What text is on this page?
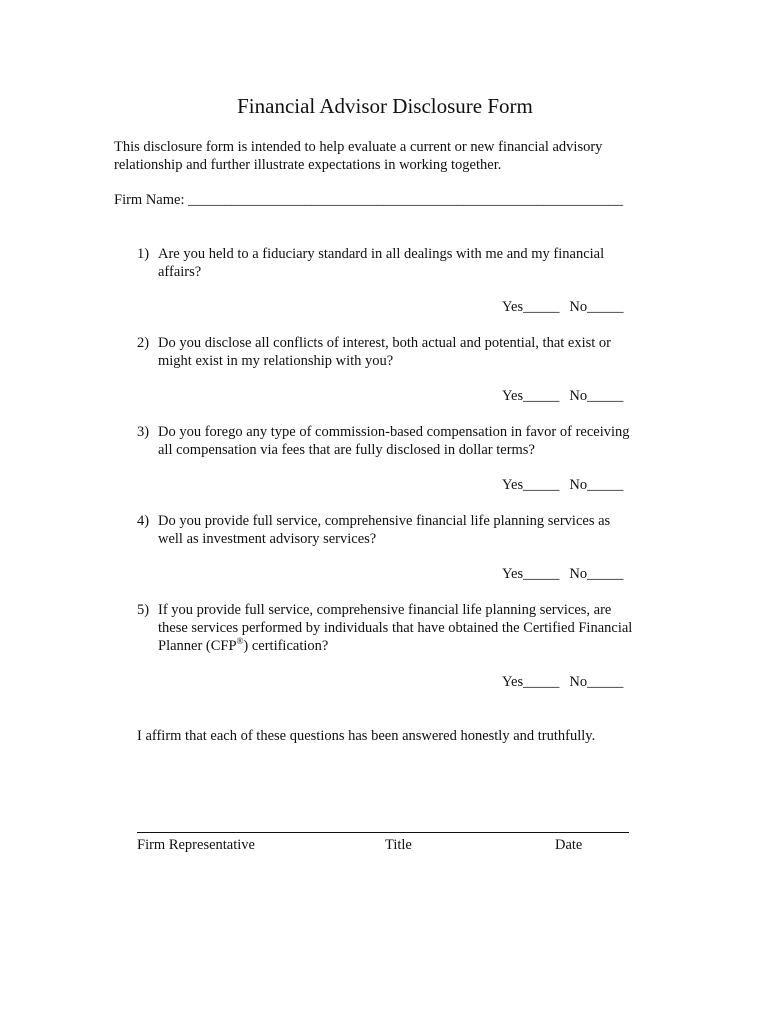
Financial Advisor Disclosure Form

This disclosure form is intended to help evaluate a current or new financial advisory relationship and further illustrate expectations in working together.

Firm Name: ____________________________________________________________
1) Are you held to a fiduciary standard in all dealings with me and my financial
affairs?
Yes_____ No_____
2) Do you disclose all conflicts of interest, both actual and potential, that exist or
might exist in my relationship with you?
Yes_____ No_____
3) Do you forego any type of commission-based compensation in favor of receiving
all compensation via fees that are fully disclosed in dollar terms?
Yes_____ No_____
4) Do you provide full service, comprehensive financial life planning services as
well as investment advisory services?
Yes_____ No_____
5) If you provide full service, comprehensive financial life planning services, are
these services performed by individuals that have obtained the Certified Financial
Planner (CFP®) certification?
Yes_____ No_____
I affirm that each of these questions has been answered honestly and truthfully.
Firm Representative	Title	Date
